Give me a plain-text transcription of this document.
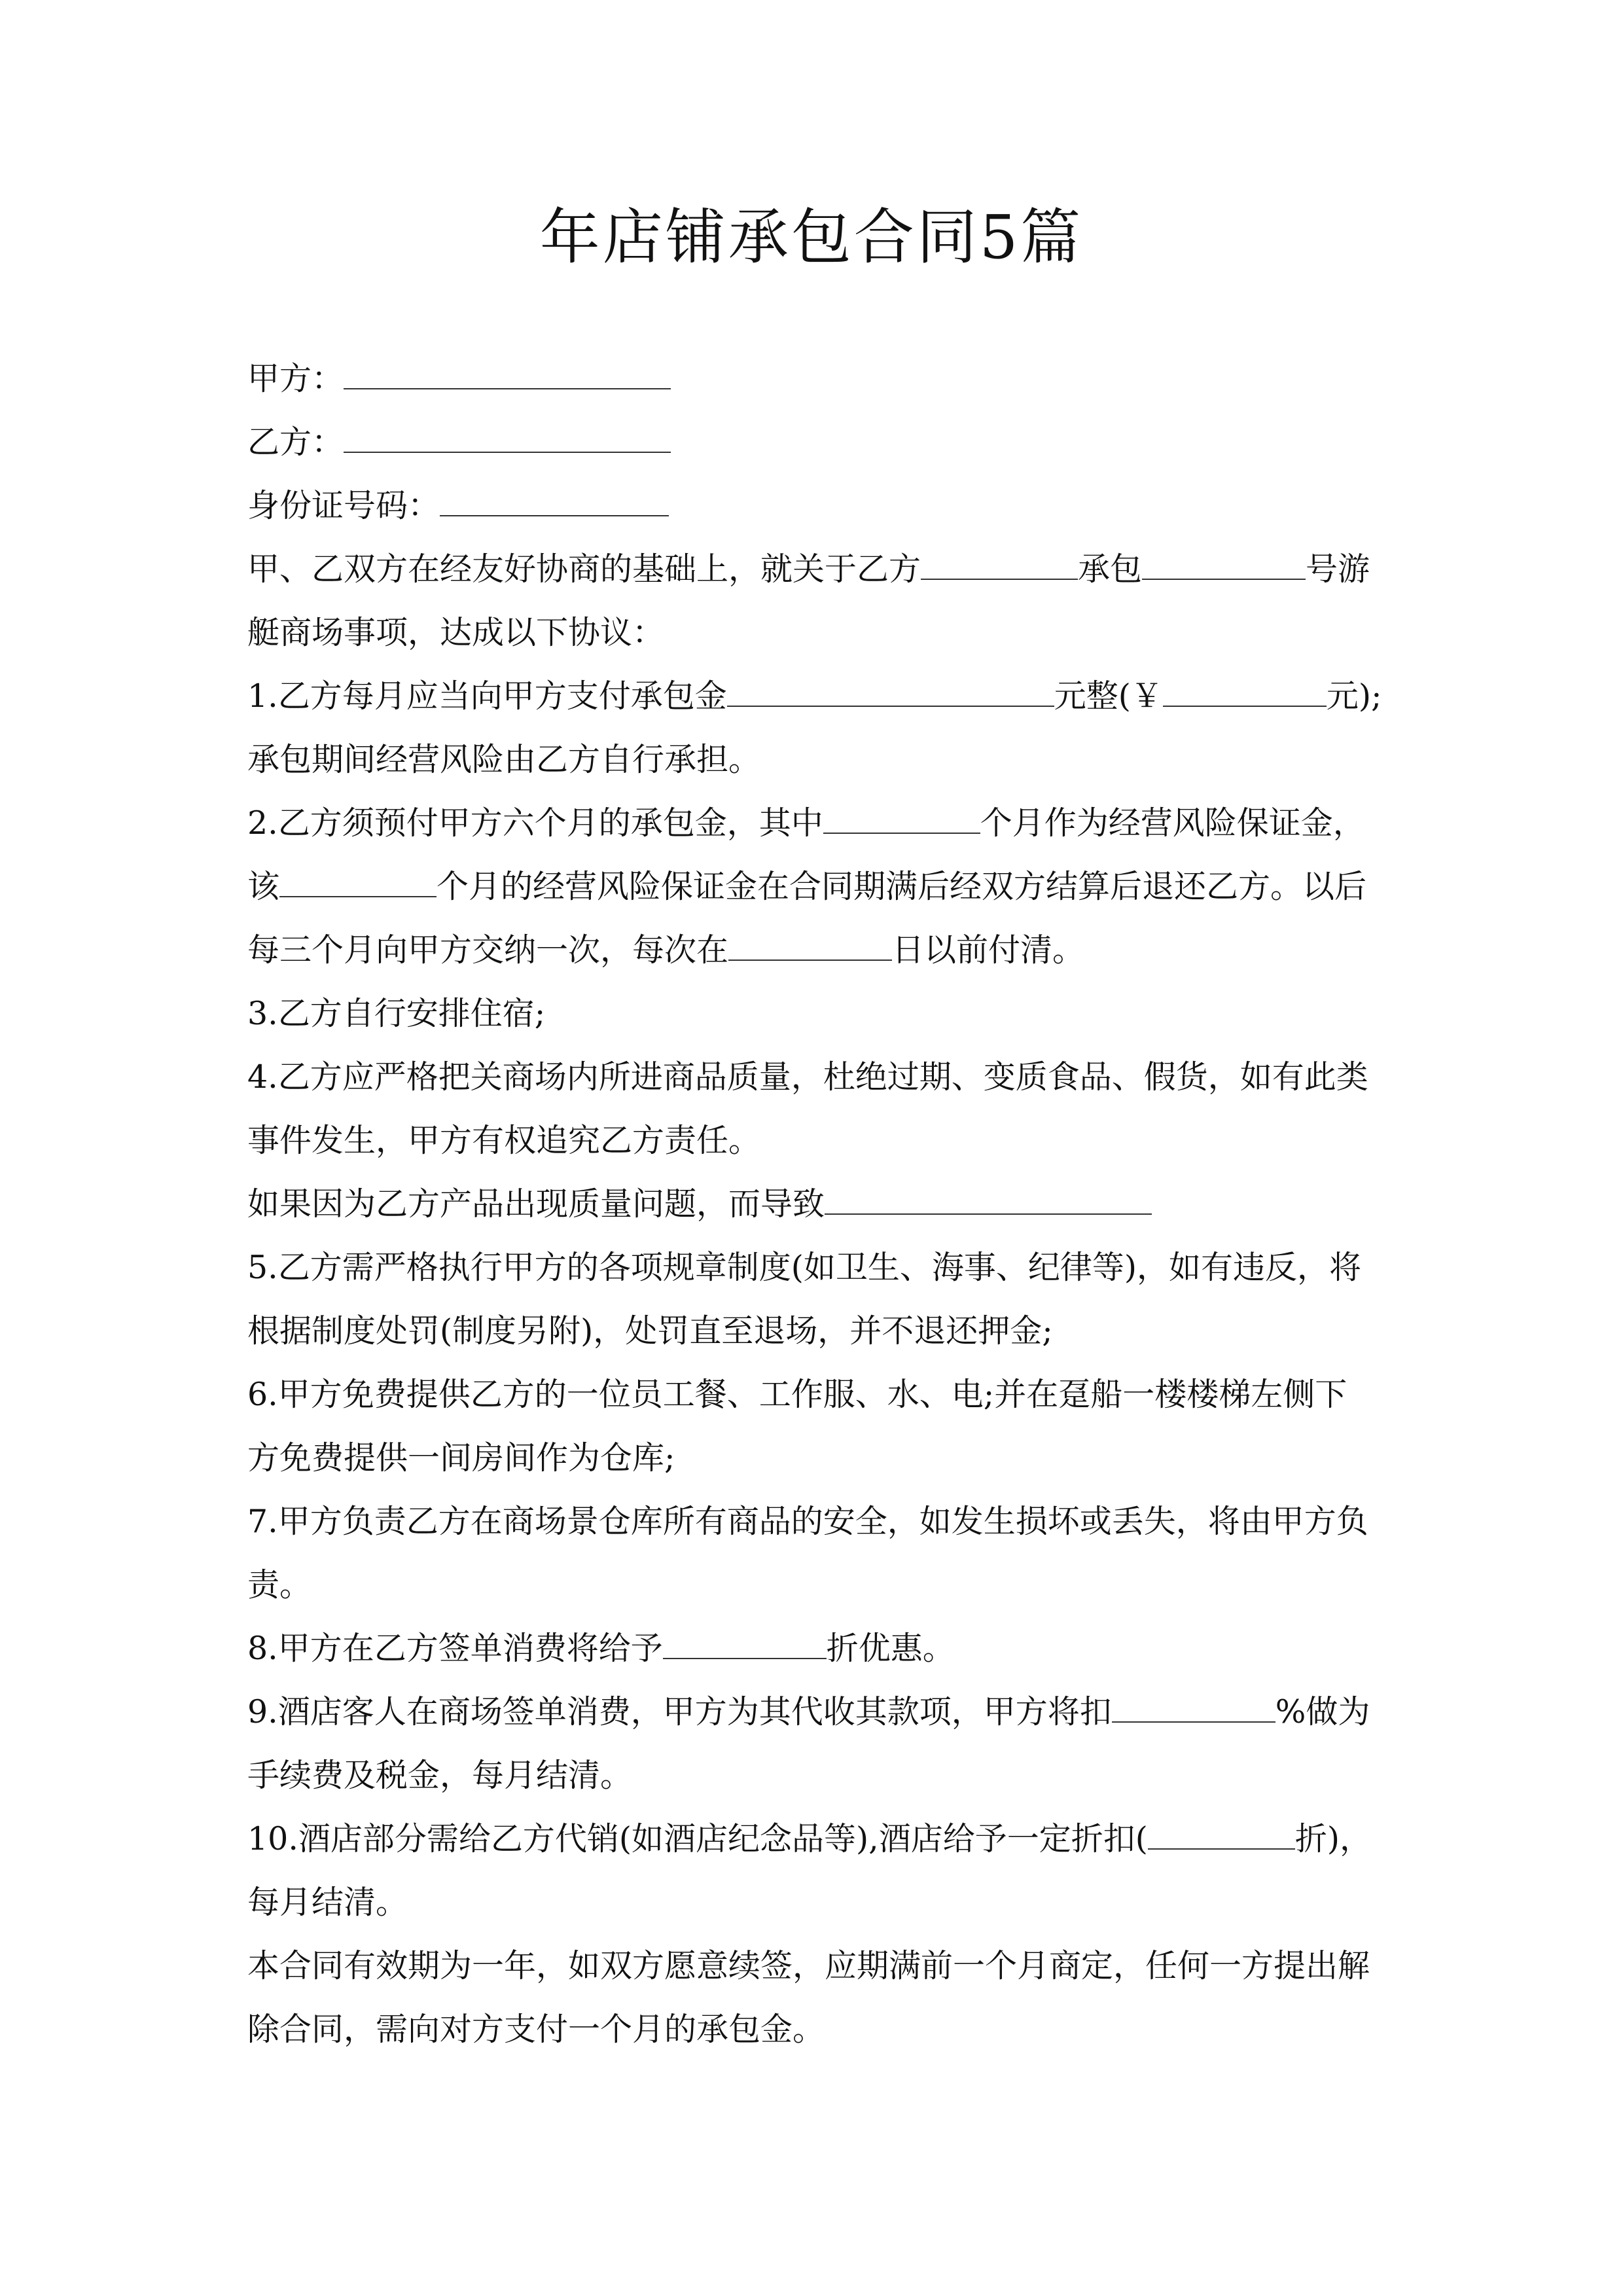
年店铺承包合同5篇
甲方：
乙方：
身份证号码：
甲、乙双方在经友好协商的基础上，就关于乙方	承包	号游
艇商场事项，达成以下协议：
1.乙方每月应当向甲方支付承包金	元整(￥	元);
承包期间经营风险由乙方自行承担。
2.乙方须预付甲方六个月的承包金，其中	个月作为经营风险保证金，
该	个月的经营风险保证金在合同期满后经双方结算后退还乙方。以后
每三个月向甲方交纳一次，每次在	日以前付清。
3.乙方自行安排住宿;
4.乙方应严格把关商场内所进商品质量，杜绝过期、变质食品、假货，如有此类
事件发生，甲方有权追究乙方责任。
如果因为乙方产品出现质量问题，而导致
5.乙方需严格执行甲方的各项规章制度(如卫生、海事、纪律等)，如有违反，将
根据制度处罚(制度另附)，处罚直至退场，并不退还押金;
6.甲方免费提供乙方的一位员工餐、工作服、水、电;并在趸船一楼楼梯左侧下
方免费提供一间房间作为仓库;
7.甲方负责乙方在商场景仓库所有商品的安全，如发生损坏或丢失，将由甲方负
责。
8.甲方在乙方签单消费将给予	折优惠。
9.酒店客人在商场签单消费，甲方为其代收其款项，甲方将扣	%做为
手续费及税金，每月结清。
10.酒店部分需给乙方代销(如酒店纪念品等),酒店给予一定折扣(	折)，
每月结清。
本合同有效期为一年，如双方愿意续签，应期满前一个月商定，任何一方提出解
除合同，需向对方支付一个月的承包金。
